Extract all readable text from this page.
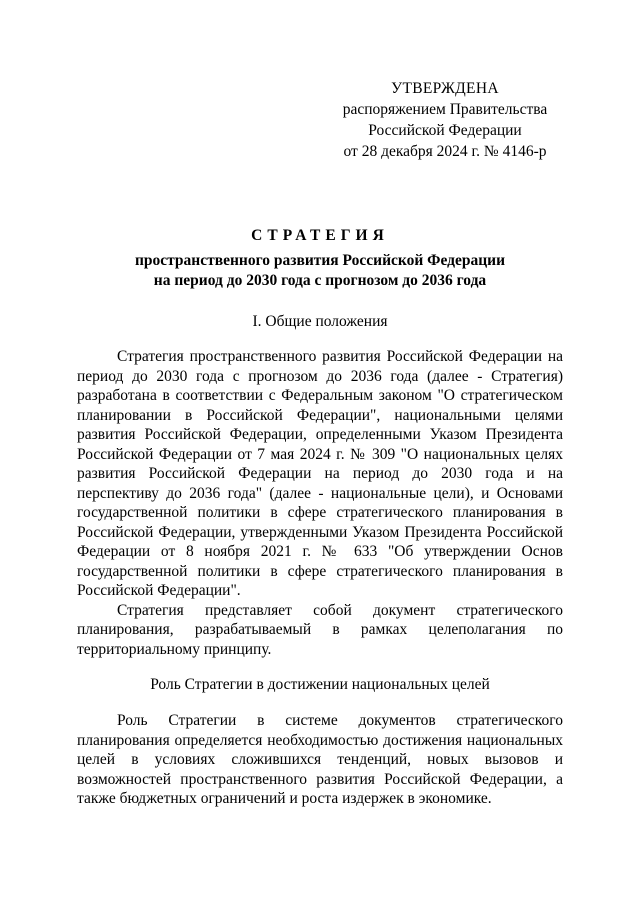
УТВЕРЖДЕНА
распоряжением Правительства
Российской Федерации
от 28 декабря 2024 г. № 4146-р
СТРАТЕГИЯ
пространственного развития Российской Федерации
на период до 2030 года с прогнозом до 2036 года
I. Общие положения

Стратегия пространственного развития Российской Федерации на период до 2030 года с прогнозом до 2036 года (далее - Стратегия) разработана в соответствии с Федеральным законом "О стратегическом планировании в Российской Федерации", национальными целями развития Российской Федерации, определенными Указом Президента Российской Федерации от 7 мая 2024 г. № 309 "О национальных целях развития Российской Федерации на период до 2030 года и на перспективу до 2036 года" (далее - национальные цели), и Основами государственной политики в сфере стратегического планирования в Российской Федерации, утвержденными Указом Президента Российской Федерации от 8 ноября 2021 г. № 633 "Об утверждении Основ государственной политики в сфере стратегического планирования в Российской Федерации".

Стратегия представляет собой документ стратегического планирования, разрабатываемый в рамках целеполагания по территориальному принципу.

Роль Стратегии в достижении национальных целей

Роль Стратегии в системе документов стратегического планирования определяется необходимостью достижения национальных целей в условиях сложившихся тенденций, новых вызовов и возможностей пространственного развития Российской Федерации, а также бюджетных ограничений и роста издержек в экономике.
